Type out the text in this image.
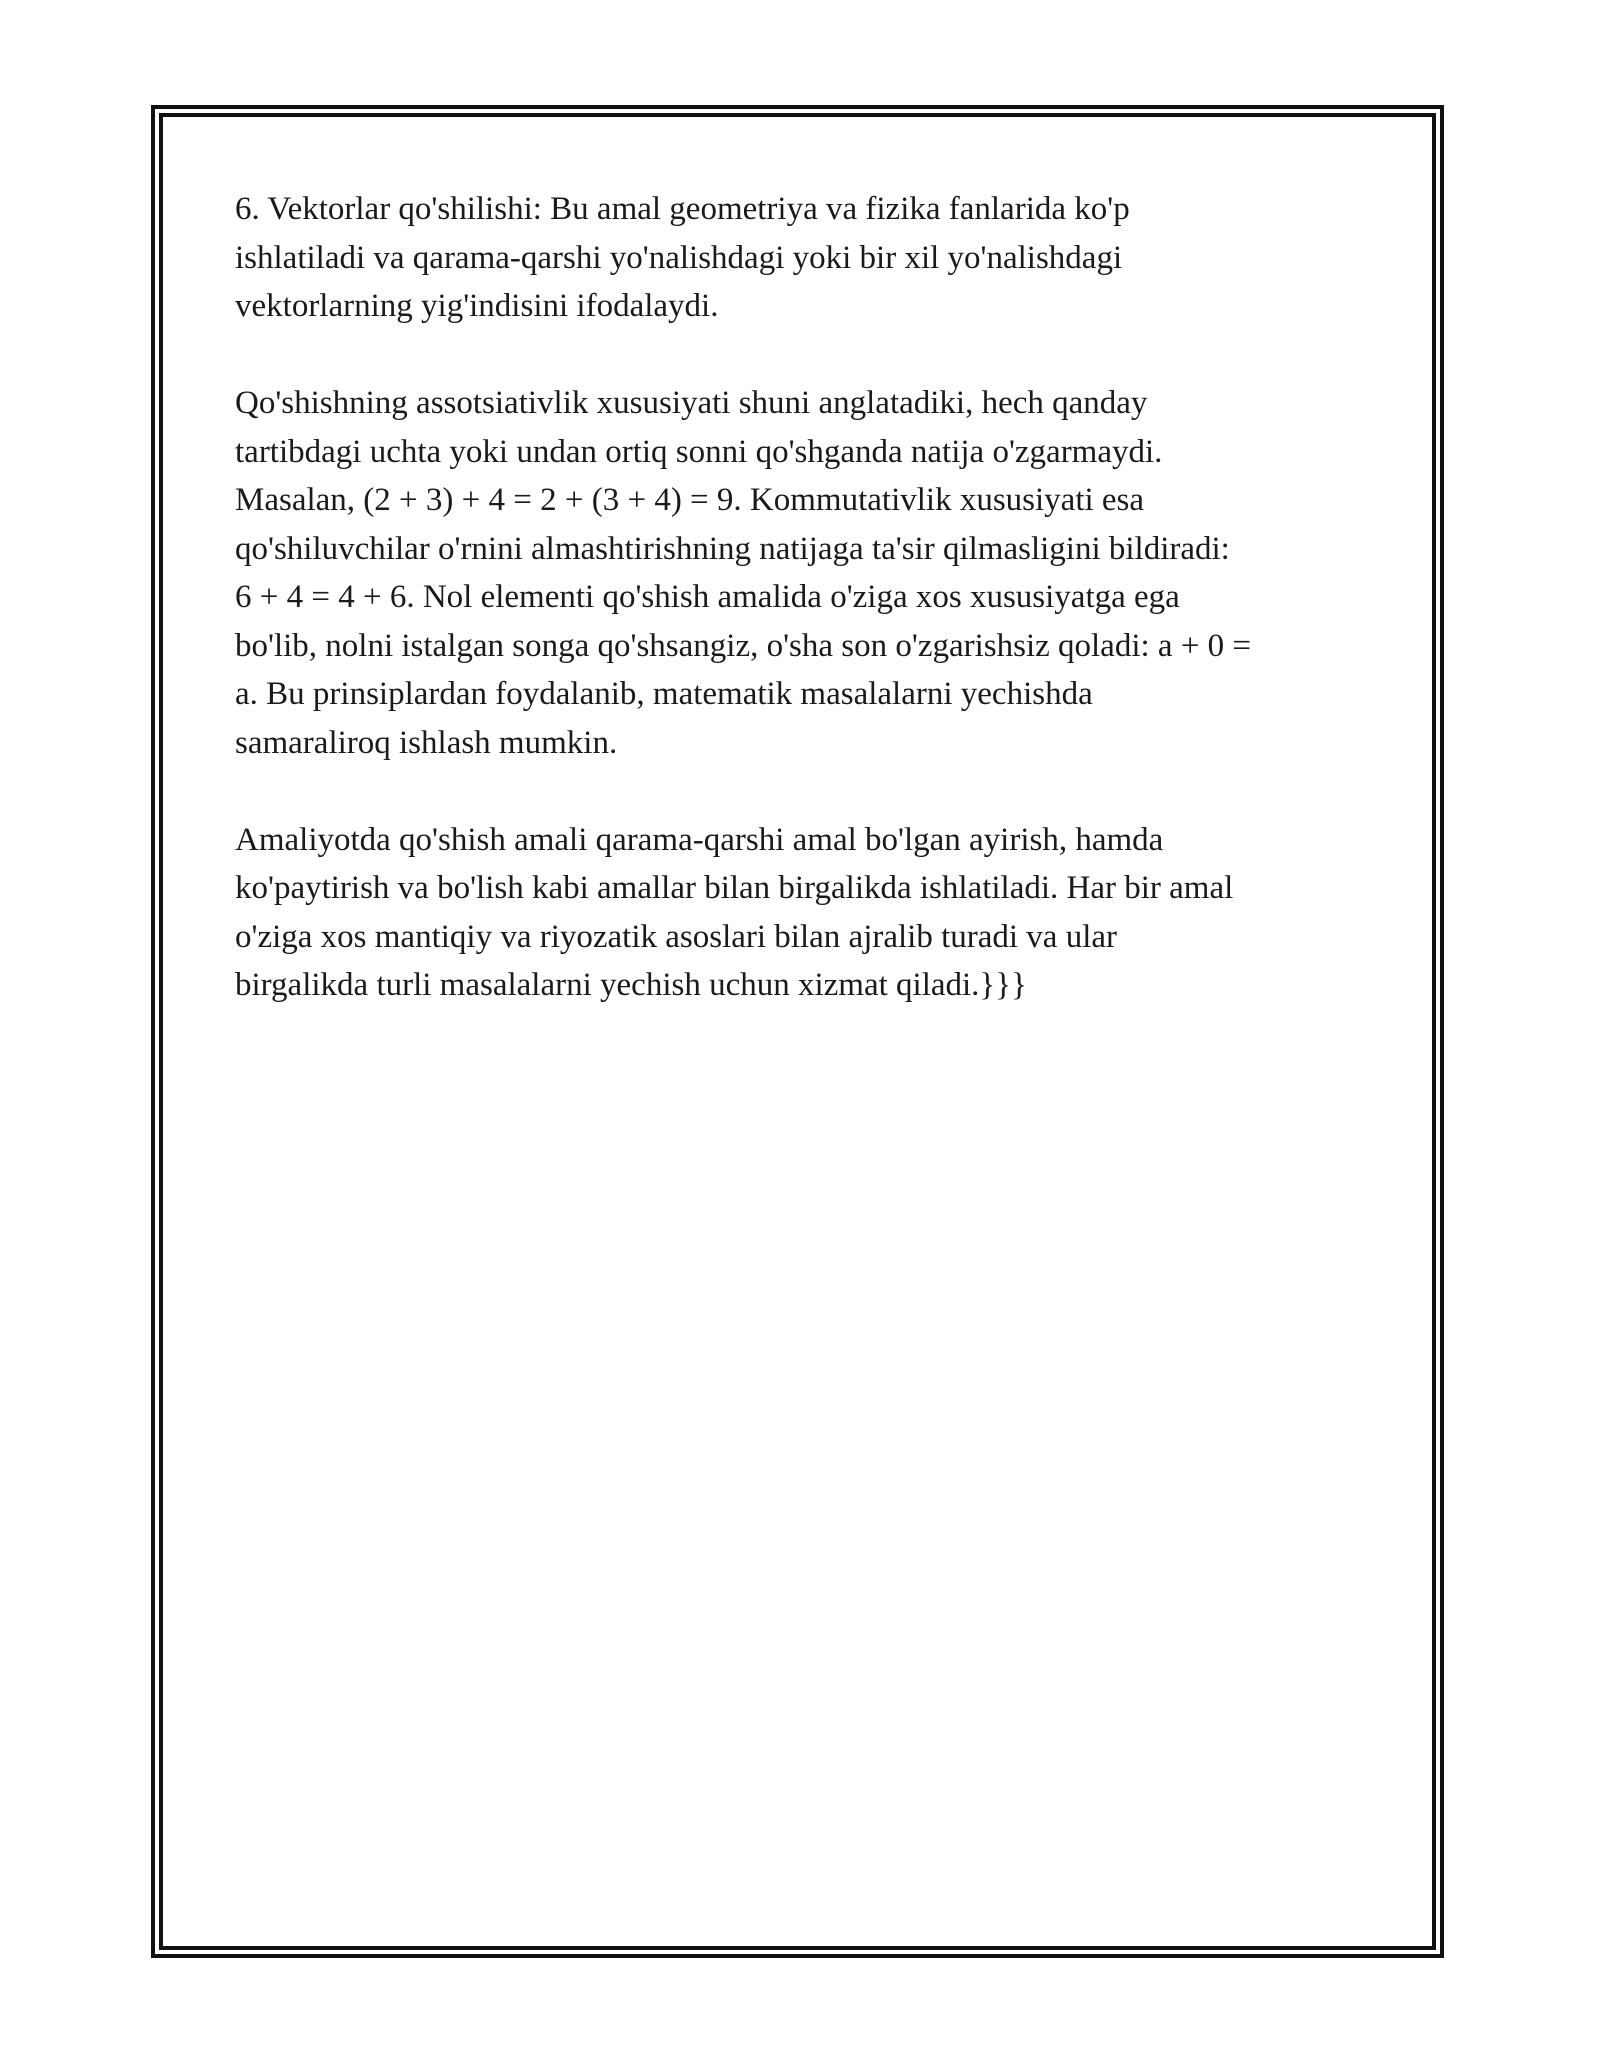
6. Vektorlar qo'shilishi: Bu amal geometriya va fizika fanlarida ko'p
ishlatiladi va qarama-qarshi yo'nalishdagi yoki bir xil yo'nalishdagi
vektorlarning yig'indisini ifodalaydi.

Qo'shishning assotsiativlik xususiyati shuni anglatadiki, hech qanday
tartibdagi uchta yoki undan ortiq sonni qo'shganda natija o'zgarmaydi.
Masalan, (2 + 3) + 4 = 2 + (3 + 4) = 9. Kommutativlik xususiyati esa
qo'shiluvchilar o'rnini almashtirishning natijaga ta'sir qilmasligini bildiradi:
6 + 4 = 4 + 6. Nol elementi qo'shish amalida o'ziga xos xususiyatga ega
bo'lib, nolni istalgan songa qo'shsangiz, o'sha son o'zgarishsiz qoladi: a + 0 =
a. Bu prinsiplardan foydalanib, matematik masalalarni yechishda
samaraliroq ishlash mumkin.

Amaliyotda qo'shish amali qarama-qarshi amal bo'lgan ayirish, hamda
ko'paytirish va bo'lish kabi amallar bilan birgalikda ishlatiladi. Har bir amal
o'ziga xos mantiqiy va riyozatik asoslari bilan ajralib turadi va ular
birgalikda turli masalalarni yechish uchun xizmat qiladi.}}}
